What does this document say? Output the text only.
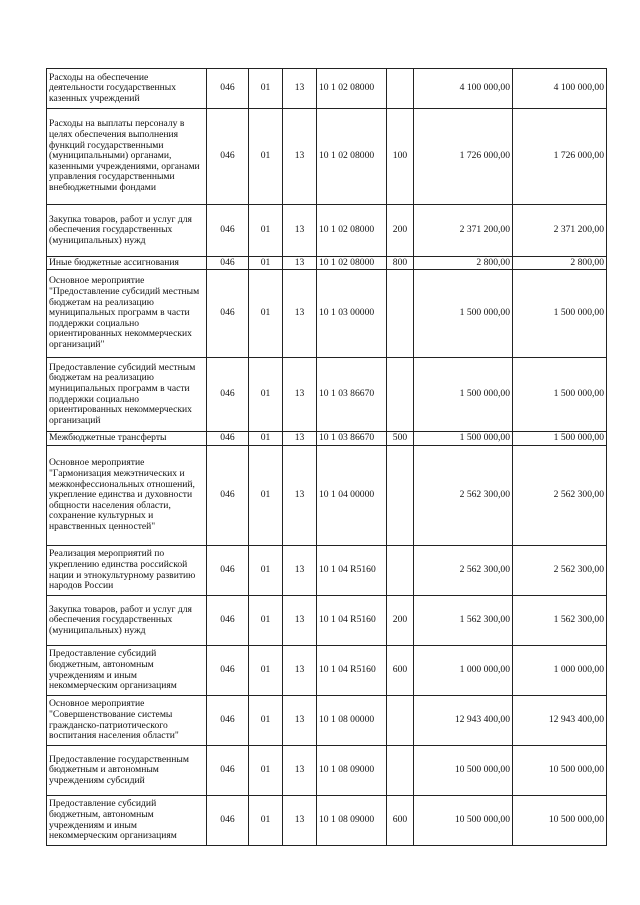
Расходы на обеспечение деятельности государственных казенных учреждений	046	01	13	10 1 02 08000		4 100 000,00	4 100 000,00
Расходы на выплаты персоналу в целях обеспечения выполнения функций государственными (муниципальными) органами, казенными учреждениями, органами управления государственными внебюджетными фондами	046	01	13	10 1 02 08000	100	1 726 000,00	1 726 000,00
Закупка товаров, работ и услуг для обеспечения государственных (муниципальных) нужд	046	01	13	10 1 02 08000	200	2 371 200,00	2 371 200,00
Иные бюджетные ассигнования	046	01	13	10 1 02 08000	800	2 800,00	2 800,00
Основное мероприятие "Предоставление субсидий местным бюджетам на реализацию муниципальных программ в части поддержки социально ориентированных некоммерческих организаций"	046	01	13	10 1 03 00000		1 500 000,00	1 500 000,00
Предоставление субсидий местным бюджетам на реализацию муниципальных программ в части поддержки социально ориентированных некоммерческих организаций	046	01	13	10 1 03 86670		1 500 000,00	1 500 000,00
Межбюджетные трансферты	046	01	13	10 1 03 86670	500	1 500 000,00	1 500 000,00
Основное мероприятие "Гармонизация межэтнических и межконфессиональных отношений, укрепление единства и духовности общности населения области, сохранение культурных и нравственных ценностей"	046	01	13	10 1 04 00000		2 562 300,00	2 562 300,00
Реализация мероприятий по укреплению единства российской нации и этнокультурному развитию народов России	046	01	13	10 1 04 R5160		2 562 300,00	2 562 300,00
Закупка товаров, работ и услуг для обеспечения государственных (муниципальных) нужд	046	01	13	10 1 04 R5160	200	1 562 300,00	1 562 300,00
Предоставление субсидий бюджетным, автономным учреждениям и иным некоммерческим организациям	046	01	13	10 1 04 R5160	600	1 000 000,00	1 000 000,00
Основное мероприятие "Совершенствование системы гражданско-патриотического воспитания населения области"	046	01	13	10 1 08 00000		12 943 400,00	12 943 400,00
Предоставление государственным бюджетным и автономным учреждениям субсидий	046	01	13	10 1 08 09000		10 500 000,00	10 500 000,00
Предоставление субсидий бюджетным, автономным учреждениям и иным некоммерческим организациям	046	01	13	10 1 08 09000	600	10 500 000,00	10 500 000,00
